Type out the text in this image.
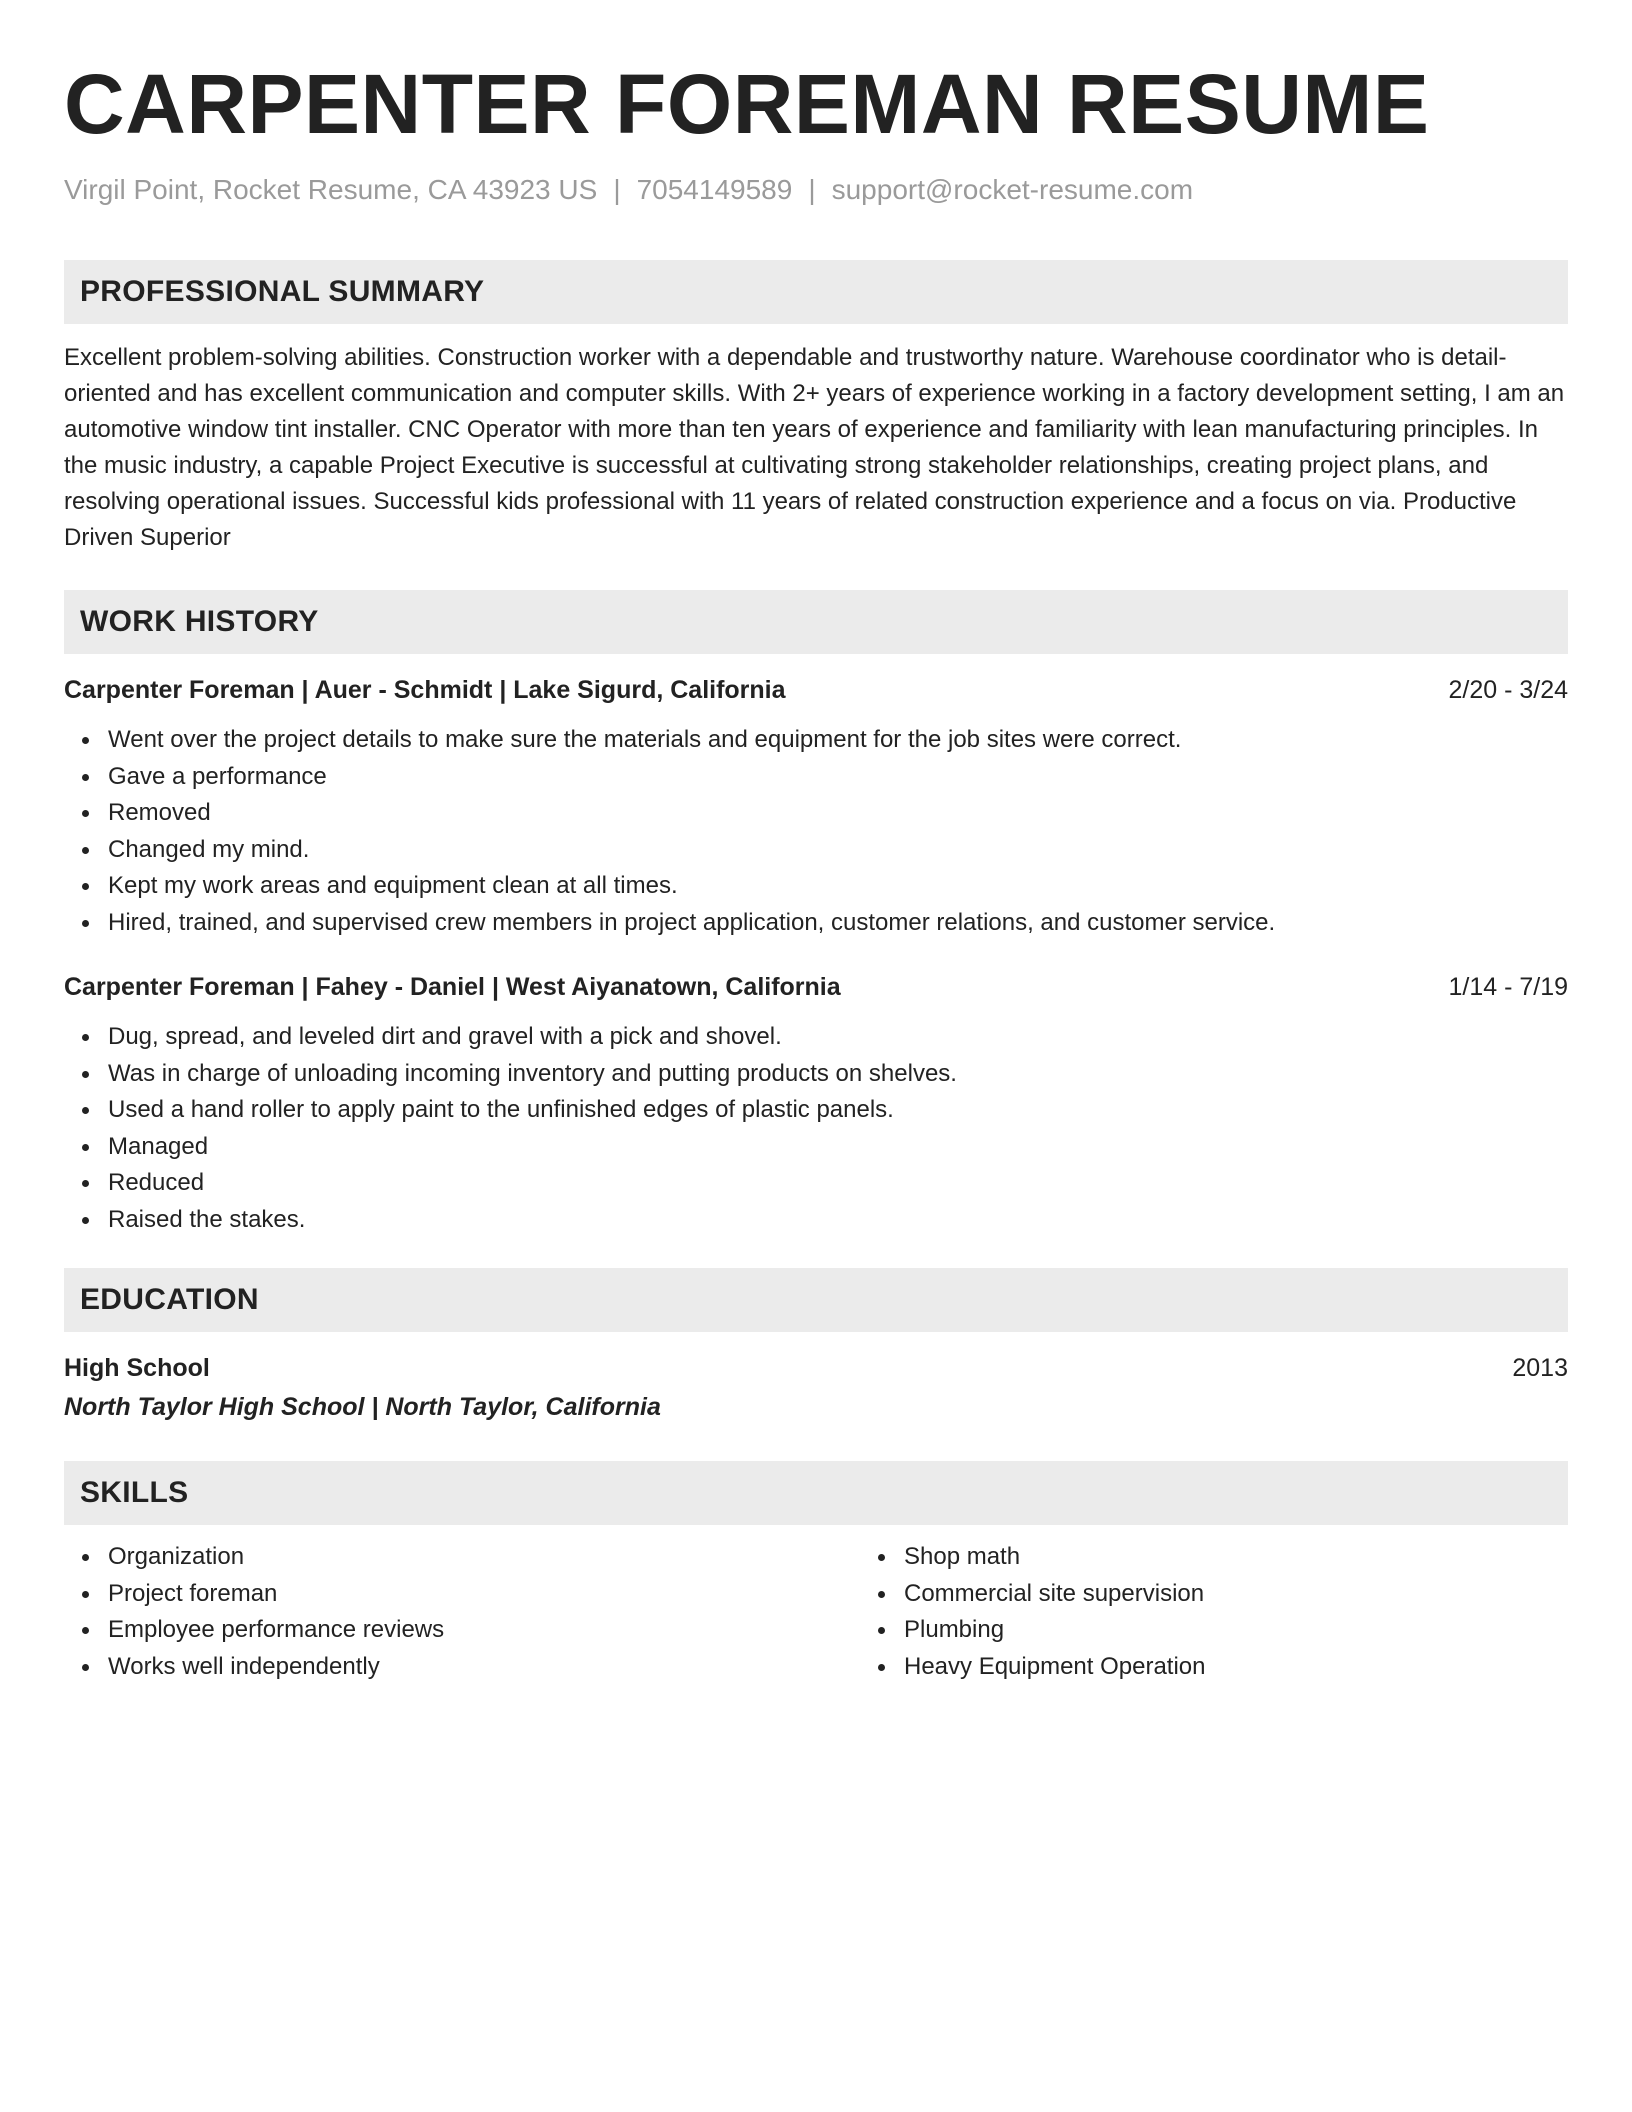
CARPENTER FOREMAN RESUME
Virgil Point, Rocket Resume, CA 43923 US | 7054149589 | support@rocket-resume.com
PROFESSIONAL SUMMARY

Excellent problem-solving abilities. Construction worker with a dependable and trustworthy nature. Warehouse coordinator who is detail-oriented and has excellent communication and computer skills. With 2+ years of experience working in a factory development setting, I am an automotive window tint installer. CNC Operator with more than ten years of experience and familiarity with lean manufacturing principles. In the music industry, a capable Project Executive is successful at cultivating strong stakeholder relationships, creating project plans, and resolving operational issues. Successful kids professional with 11 years of related construction experience and a focus on via. Productive Driven Superior

WORK HISTORY
Carpenter Foreman | Auer - Schmidt | Lake Sigurd, California	2/20 - 3/24
Went over the project details to make sure the materials and equipment for the job sites were correct.
Gave a performance
Removed
Changed my mind.
Kept my work areas and equipment clean at all times.
Hired, trained, and supervised crew members in project application, customer relations, and customer service.
Carpenter Foreman | Fahey - Daniel | West Aiyanatown, California	1/14 - 7/19
Dug, spread, and leveled dirt and gravel with a pick and shovel.
Was in charge of unloading incoming inventory and putting products on shelves.
Used a hand roller to apply paint to the unfinished edges of plastic panels.
Managed
Reduced
Raised the stakes.
EDUCATION
High School	2013
North Taylor High School | North Taylor, California
SKILLS
Organization
Project foreman
Employee performance reviews
Works well independently
Shop math
Commercial site supervision
Plumbing
Heavy Equipment Operation
